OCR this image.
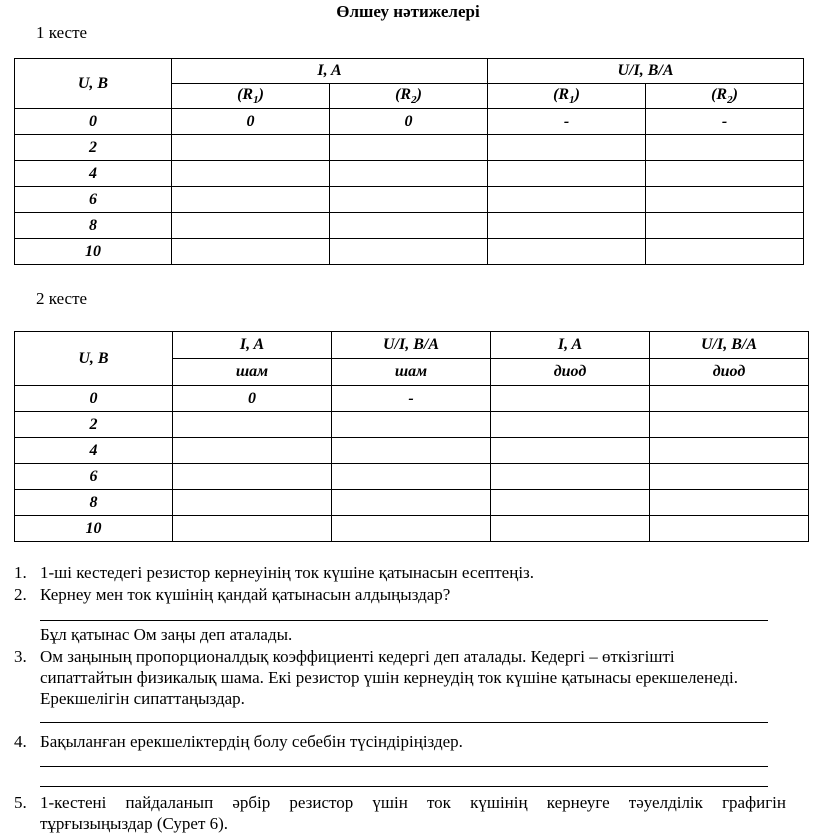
Өлшеу нәтижелері
1 кесте
U, B	I, A		U/I, B/A	
	$(R_1)$	$(R_2)$	$(R_1)$	$(R_2)$
0	0	0	-	-
2				
4				
6				
8				
10				
2 кесте
U, B	I, A	U/I, B/A	I, A	U/I, B/A
	шам	шам	диод	диод
0	0	-		
2				
4				
6				
8				
10				
1. 1-ші кестедегі резистор кернеуінің ток күшіне қатынасын есептеңіз.
2. Кернеу мен ток күшінің қандай қатынасын алдыңыздар?
Бұл қатынас Ом заңы деп аталады.
3. Ом заңының пропорционалдық коэффициенті кедергі деп аталады. Кедергі – өткізгішті
сипаттайтын физикалық шама. Екі резистор үшін кернеудің ток күшіне қатынасы ерекшеленеді.
Ерекшелігін сипаттаңыздар.
4. Бақыланған ерекшеліктердің болу себебін түсіндіріңіздер.
5. 1-кестені пайдаланып әрбір резистор үшін ток күшінің кернеуге тәуелділік графигін
тұрғызыңыздар (Сурет 6).
